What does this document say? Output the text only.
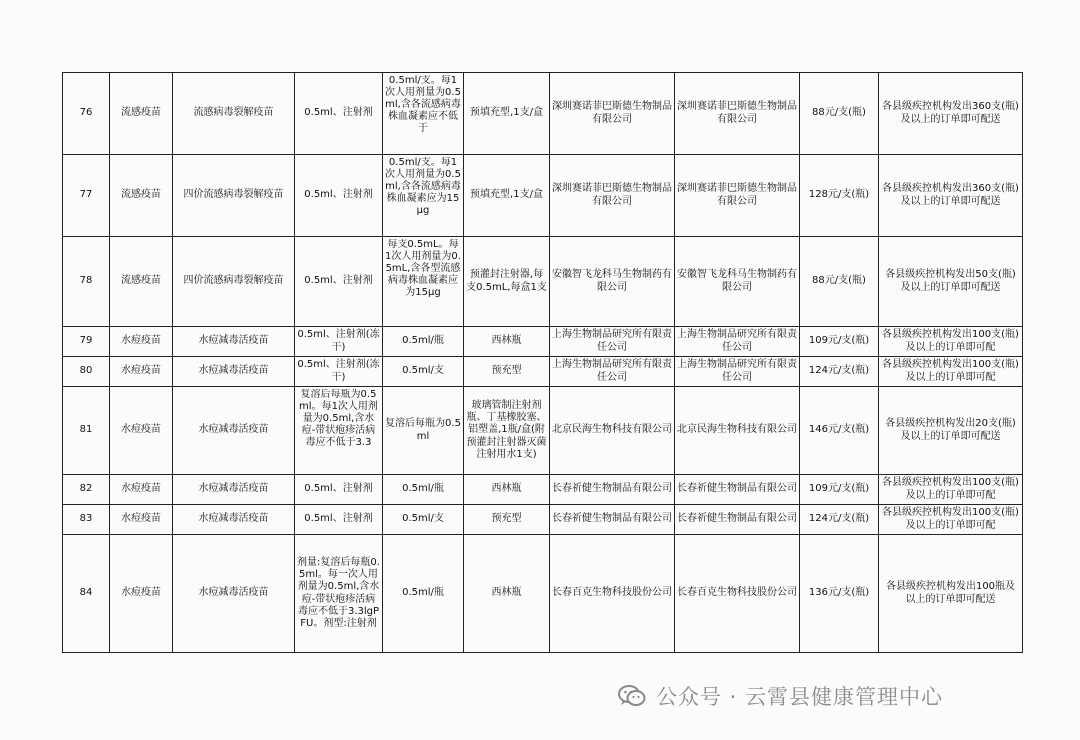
76	流感疫苗	流感病毒裂解疫苗	0.5ml、注射剂	0.5ml/支。每1次人用剂量为0.5ml,含各流感病毒株血凝素应不低于	预填充型,1支/盒	深圳赛诺菲巴斯德生物制品有限公司	深圳赛诺菲巴斯德生物制品有限公司	88元/支(瓶)	各县级疾控机构发出360支(瓶)及以上的订单即可配送
77	流感疫苗	四价流感病毒裂解疫苗	0.5ml、注射剂	0.5ml/支。每1次人用剂量为0.5ml,含各流感病毒株血凝素应为15μg	预填充型,1支/盒	深圳赛诺菲巴斯德生物制品有限公司	深圳赛诺菲巴斯德生物制品有限公司	128元/支(瓶)	各县级疾控机构发出360支(瓶)及以上的订单即可配送
78	流感疫苗	四价流感病毒裂解疫苗	0.5ml、注射剂	每支0.5mL。每1次人用剂量为0.5mL,含各型流感病毒株血凝素应为15μg	预灌封注射器,每支0.5mL,每盒1支	安徽智飞龙科马生物制药有限公司	安徽智飞龙科马生物制药有限公司	88元/支(瓶)	各县级疾控机构发出50支(瓶)及以上的订单即可配送
79	水痘疫苗	水痘减毒活疫苗	0.5ml、注射剂(冻干)	0.5ml/瓶	西林瓶	上海生物制品研究所有限责任公司	上海生物制品研究所有限责任公司	109元/支(瓶)	各县级疾控机构发出100支(瓶)及以上的订单即可配
80	水痘疫苗	水痘减毒活疫苗	0.5ml、注射剂(冻干)	0.5ml/支	预充型	上海生物制品研究所有限责任公司	上海生物制品研究所有限责任公司	124元/支(瓶)	各县级疾控机构发出100支(瓶)及以上的订单即可配
81	水痘疫苗	水痘减毒活疫苗	复溶后每瓶为0.5ml。每1次人用剂量为0.5ml,含水痘-带状疱疹活病毒应不低于3.3	复溶后每瓶为0.5ml	玻璃管制注射剂瓶、丁基橡胶塞、铝塑盖,1瓶/盒(附预灌封注射器灭菌注射用水1支)	北京民海生物科技有限公司	北京民海生物科技有限公司	146元/支(瓶)	各县级疾控机构发出20支(瓶)及以上的订单即可配送
82	水痘疫苗	水痘减毒活疫苗	0.5ml、注射剂	0.5ml/瓶	西林瓶	长春祈健生物制品有限公司	长春祈健生物制品有限公司	109元/支(瓶)	各县级疾控机构发出100支(瓶)及以上的订单即可配
83	水痘疫苗	水痘减毒活疫苗	0.5ml、注射剂	0.5ml/支	预充型	长春祈健生物制品有限公司	长春祈健生物制品有限公司	124元/支(瓶)	各县级疾控机构发出100支(瓶)及以上的订单即可配
84	水痘疫苗	水痘减毒活疫苗	剂量:复溶后每瓶0.5ml。每一次人用剂量为0.5ml,含水痘-带状疱疹活病毒应不低于3.3lgPFU。剂型:注射剂	0.5ml/瓶	西林瓶	长春百克生物科技股份公司	长春百克生物科技股份公司	136元/支(瓶)	各县级疾控机构发出100瓶及以上的订单即可配送
公众号 · 云霄县健康管理中心
